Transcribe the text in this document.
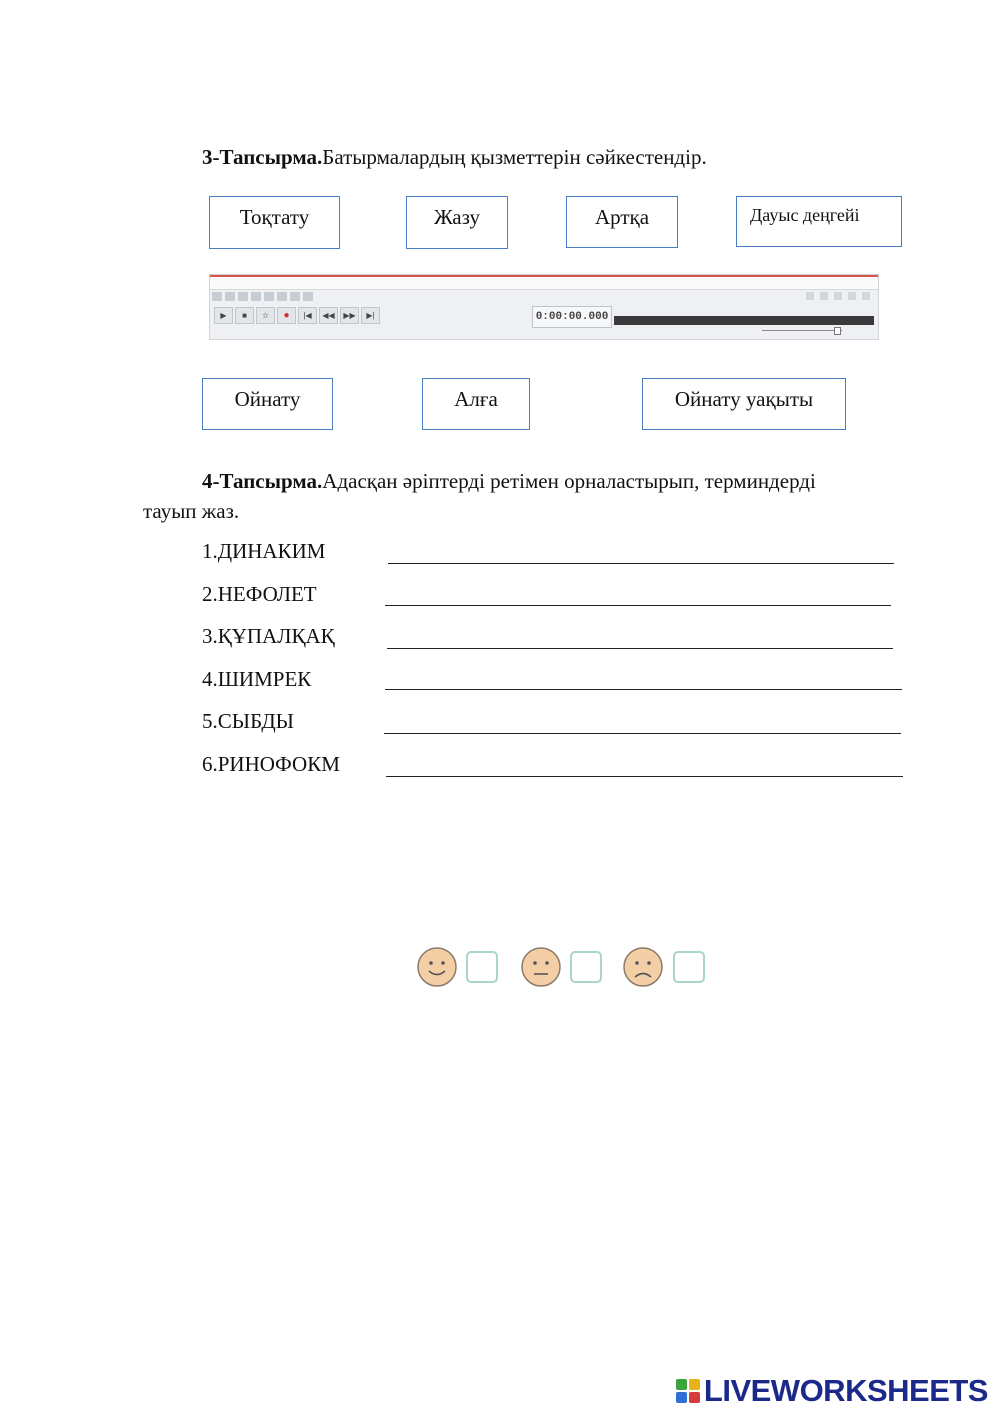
3-Тапсырма.Батырмалардың қызметтерін сәйкестендір.
Тоқтату	Жазу	Артқа	Дауыс деңгейі
▶	■	☆	●	|◀	◀◀	▶▶	▶|	0:00:00.000
Ойнату	Алға	Ойнату уақыты
4-Тапсырма.Адасқан әріптерді ретімен орналастырып, терминдерді
тауып жаз.
1.ДИНАКИМ
2.НЕФОЛЕТ
3.ҚҰПАЛҚАҚ
4.ШИМРЕК
5.СЫБДЫ
6.РИНОФОКМ
LIVEWORKSHEETS
